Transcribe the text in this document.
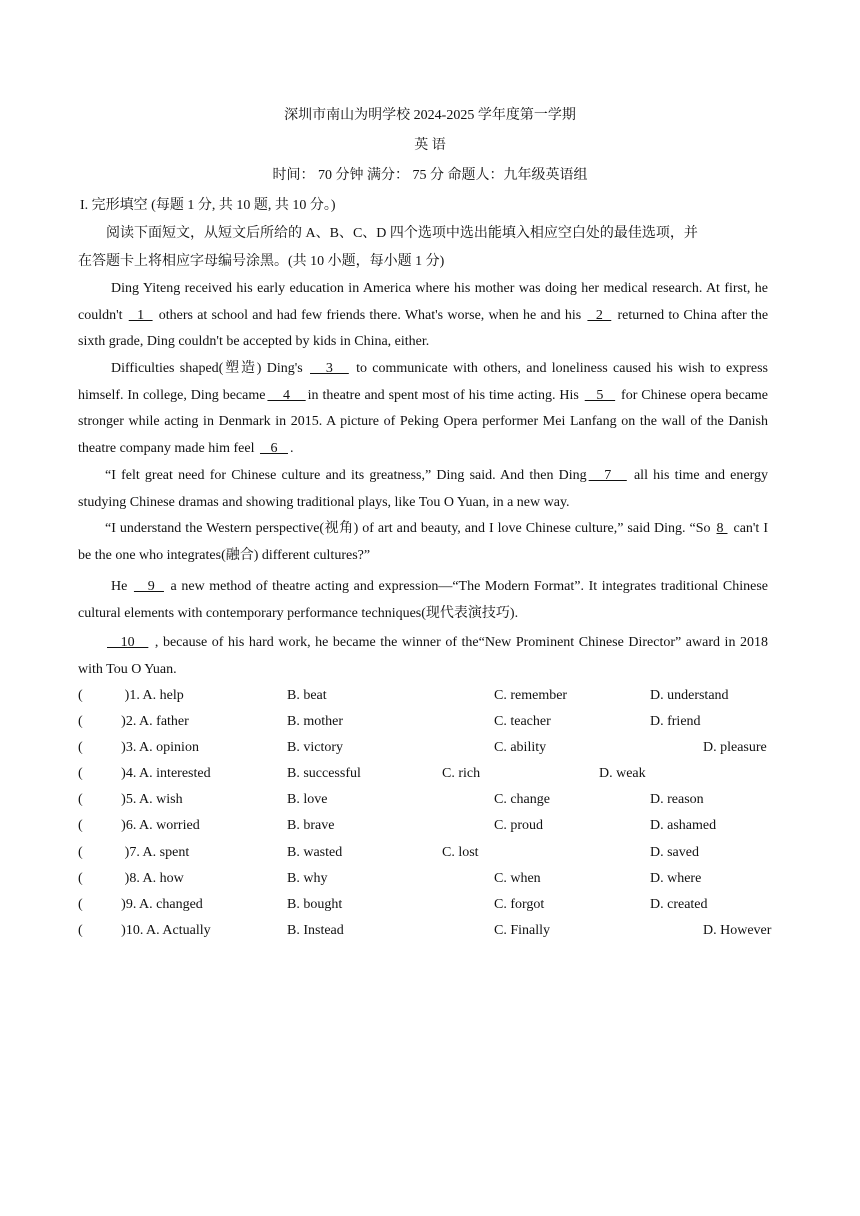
深圳市南山为明学校 2024-2025 学年度第一学期
英 语
时间： 70 分钟 满分： 75 分 命题人：九年级英语组
I. 完形填空 (每题 1 分, 共 10 题, 共 10 分。)
阅读下面短文，从短文后所给的 A、B、C、D 四个选项中选出能填入相应空白处的最佳选项，并
在答题卡上将相应字母编号涂黑。(共 10 小题，每小题 1 分)
Ding Yiteng received his early education in America where his mother was doing her medical research. At first, he couldn't   1   others at school and had few friends there. What's worse, when he and his   2   returned to China after the sixth grade, Ding couldn't be accepted by kids in China, either.
Difficulties shaped(塑造) Ding's    3    to communicate with others, and loneliness caused his wish to express himself. In college, Ding became    4    in theatre and spent most of his time acting. His    5    for Chinese opera became stronger while acting in Denmark in 2015. A picture of Peking Opera performer Mei Lanfang on the wall of the Danish theatre company made him feel    6   .
“I felt great need for Chinese culture and its greatness,” Ding said. And then Ding   7    all his time and energy studying Chinese dramas and showing traditional plays, like Tou O Yuan, in a new way.
“I understand the Western perspective(视角) of art and beauty, and I love Chinese culture,” said Ding. “So 8  can't I be the one who integrates(融合) different cultures?”
He    9   a new method of theatre acting and expression—“The Modern Format”. It integrates traditional Chinese cultural elements with contemporary performance techniques(现代表演技巧).
10    , because of his hard work, he became the winner of the“New Prominent Chinese Director” award in 2018 with Tou O Yuan.
(            )1. A. help	B. beat	C. remember	D. understand
(           )2. A. father	B. mother	C. teacher	D. friend
(           )3. A. opinion	B. victory	C. ability	D. pleasure
(           )4. A. interested	B. successful	C. rich	D. weak
(           )5. A. wish	B. love	C. change	D. reason
(           )6. A. worried	B. brave	C. proud	D. ashamed
(            )7. A. spent	B. wasted	C. lost	D. saved
(            )8. A. how	B. why	C. when	D. where
(           )9. A. changed	B. bought	C. forgot	D. created
(           )10. A. Actually	B. Instead	C. Finally	D. However
